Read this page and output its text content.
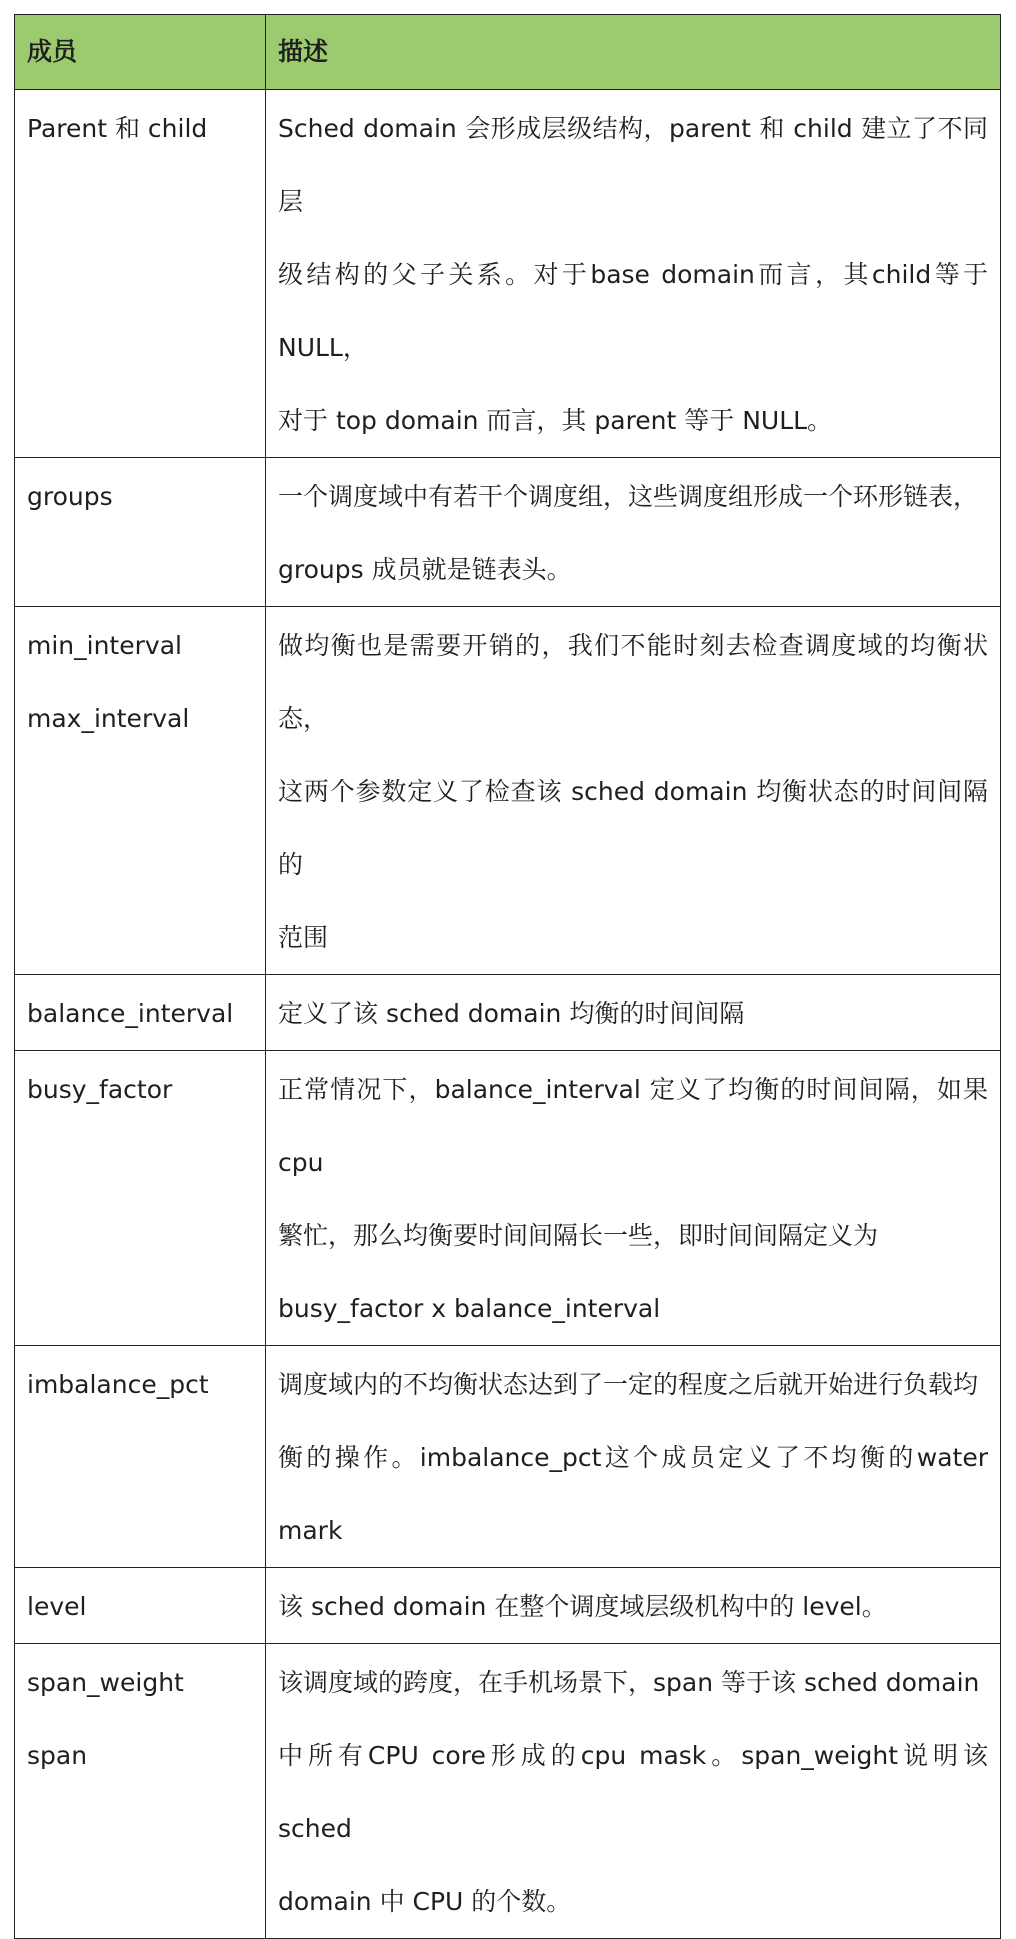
成员	描述

Parent 和 child	Sched domain 会形成层级结构，parent 和 child 建立了不同层
级结构的父子关系。对于base domain而言，其child等于NULL，
对于 top domain 而言，其 parent 等于 NULL。

groups	一个调度域中有若干个调度组，这些调度组形成一个环形链表，
groups 成员就是链表头。

min_interval
max_interval	做均衡也是需要开销的，我们不能时刻去检查调度域的均衡状态，
这两个参数定义了检查该 sched domain 均衡状态的时间间隔的
范围

balance_interval	定义了该 sched domain 均衡的时间间隔

busy_factor	正常情况下，balance_interval 定义了均衡的时间间隔，如果 cpu
繁忙，那么均衡要时间间隔长一些，即时间间隔定义为
busy_factor x balance_interval

imbalance_pct	调度域内的不均衡状态达到了一定的程度之后就开始进行负载均
衡的操作。imbalance_pct这个成员定义了不均衡的water mark

level	该 sched domain 在整个调度域层级机构中的 level。

span_weight
span	该调度域的跨度，在手机场景下，span 等于该 sched domain
中所有CPU core形成的cpu mask。span_weight说明该sched
domain 中 CPU 的个数。
